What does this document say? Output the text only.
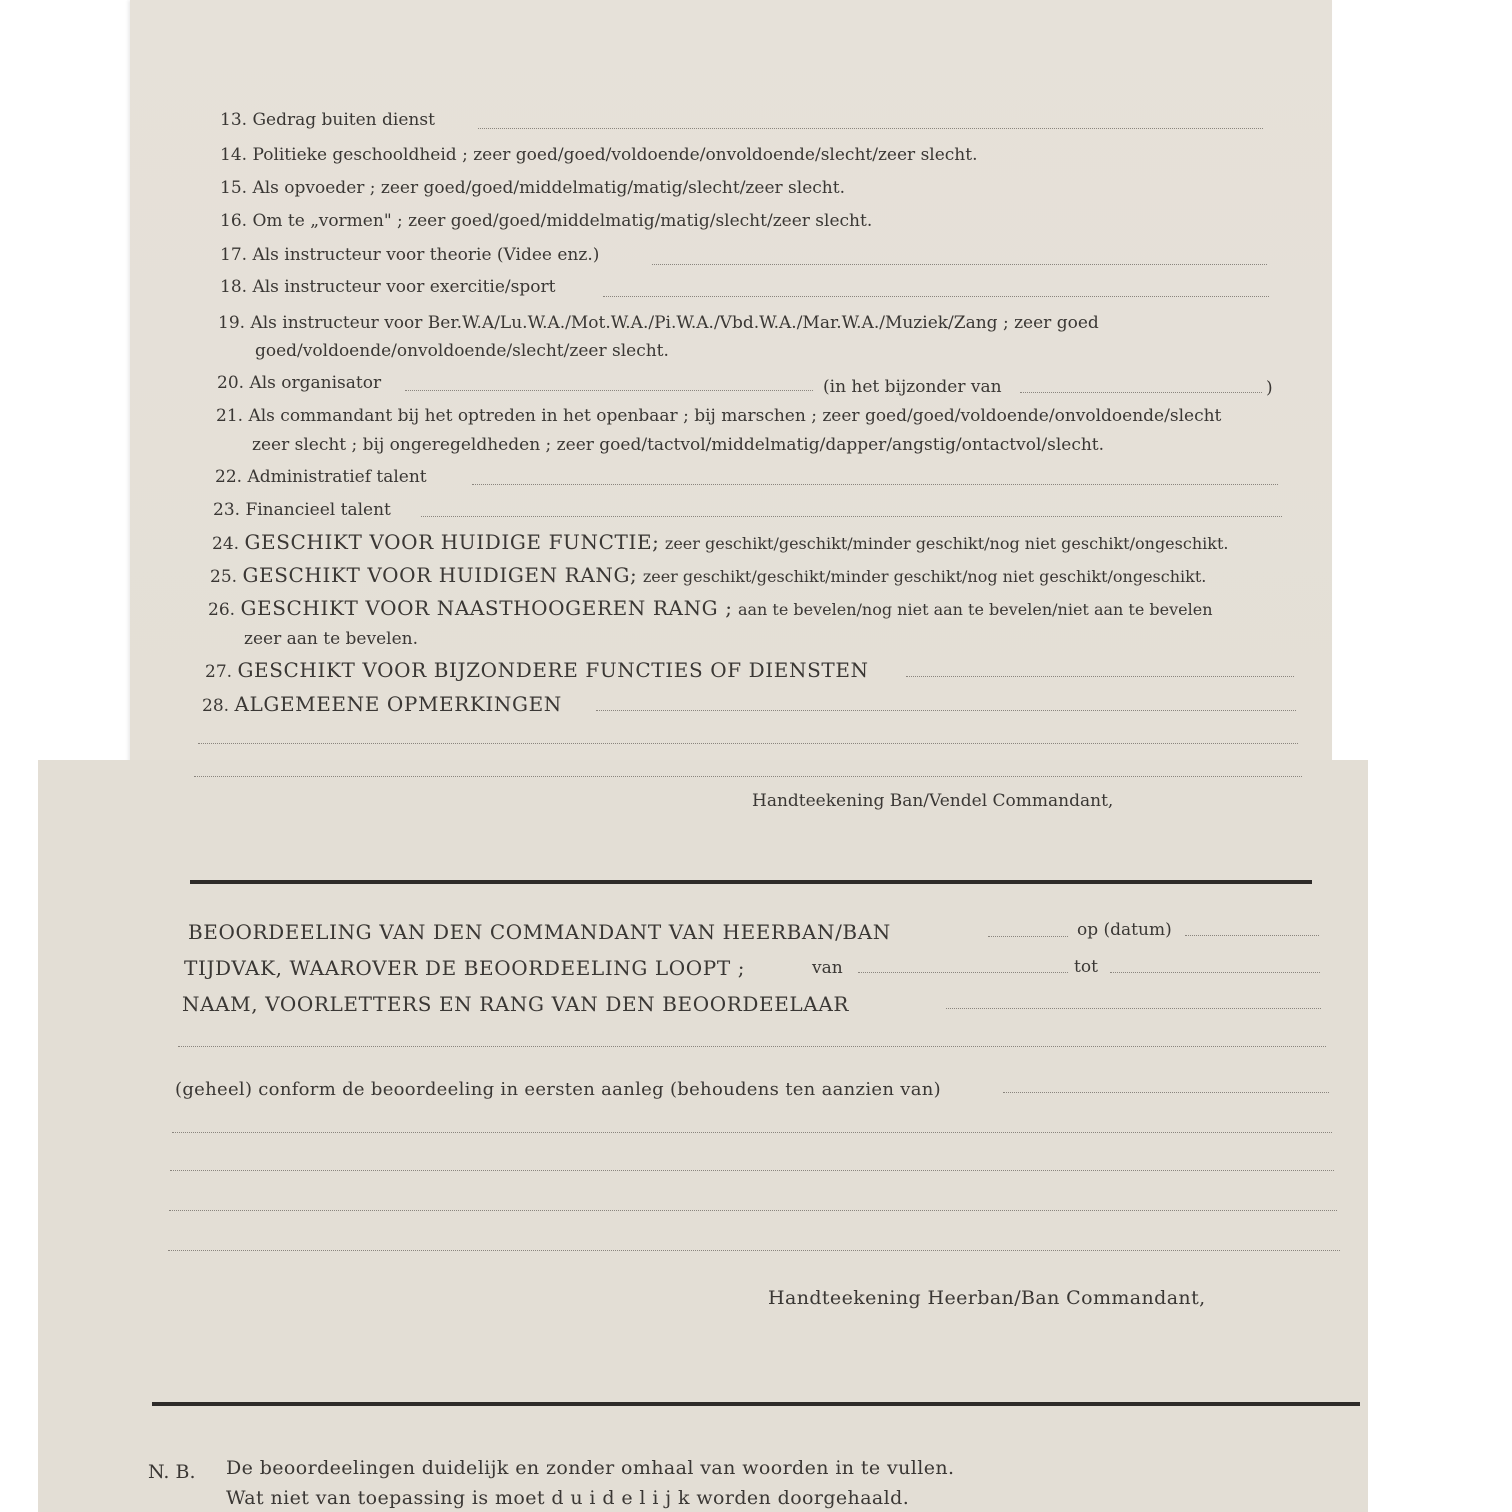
13. Gedrag buiten dienst
14. Politieke geschooldheid ; zeer goed/goed/voldoende/onvoldoende/slecht/zeer slecht.
15. Als opvoeder ; zeer goed/goed/middelmatig/matig/slecht/zeer slecht.
16. Om te „vormen" ; zeer goed/goed/middelmatig/matig/slecht/zeer slecht.
17. Als instructeur voor theorie (Videe enz.)
18. Als instructeur voor exercitie/sport
19. Als instructeur voor Ber.W.A/Lu.W.A./Mot.W.A./Pi.W.A./Vbd.W.A./Mar.W.A./Muziek/Zang ; zeer goed
goed/voldoende/onvoldoende/slecht/zeer slecht.
20. Als organisator	(in het bijzonder van	)
21. Als commandant bij het optreden in het openbaar ; bij marschen ; zeer goed/goed/voldoende/onvoldoende/slecht
zeer slecht ; bij ongeregeldheden ; zeer goed/tactvol/middelmatig/dapper/angstig/ontactvol/slecht.
22. Administratief talent
23. Financieel talent
24. GESCHIKT VOOR HUIDIGE FUNCTIE; zeer geschikt/geschikt/minder geschikt/nog niet geschikt/ongeschikt.
25. GESCHIKT VOOR HUIDIGEN RANG; zeer geschikt/geschikt/minder geschikt/nog niet geschikt/ongeschikt.
26. GESCHIKT VOOR NAASTHOOGEREN RANG ; aan te bevelen/nog niet aan te bevelen/niet aan te bevelen
zeer aan te bevelen.
27. GESCHIKT VOOR BIJZONDERE FUNCTIES OF DIENSTEN
28. ALGEMEENE OPMERKINGEN
Handteekening Ban/Vendel Commandant,
BEOORDEELING VAN DEN COMMANDANT VAN HEERBAN/BAN	op (datum)
TIJDVAK, WAAROVER DE BEOORDEELING LOOPT ;	van	tot
NAAM, VOORLETTERS EN RANG VAN DEN BEOORDEELAAR
(geheel) conform de beoordeeling in eersten aanleg (behoudens ten aanzien van)
Handteekening Heerban/Ban Commandant,
N. B. De beoordeelingen duidelijk en zonder omhaal van woorden in te vullen.
Wat niet van toepassing is moet d u i d e l i j k worden doorgehaald.
